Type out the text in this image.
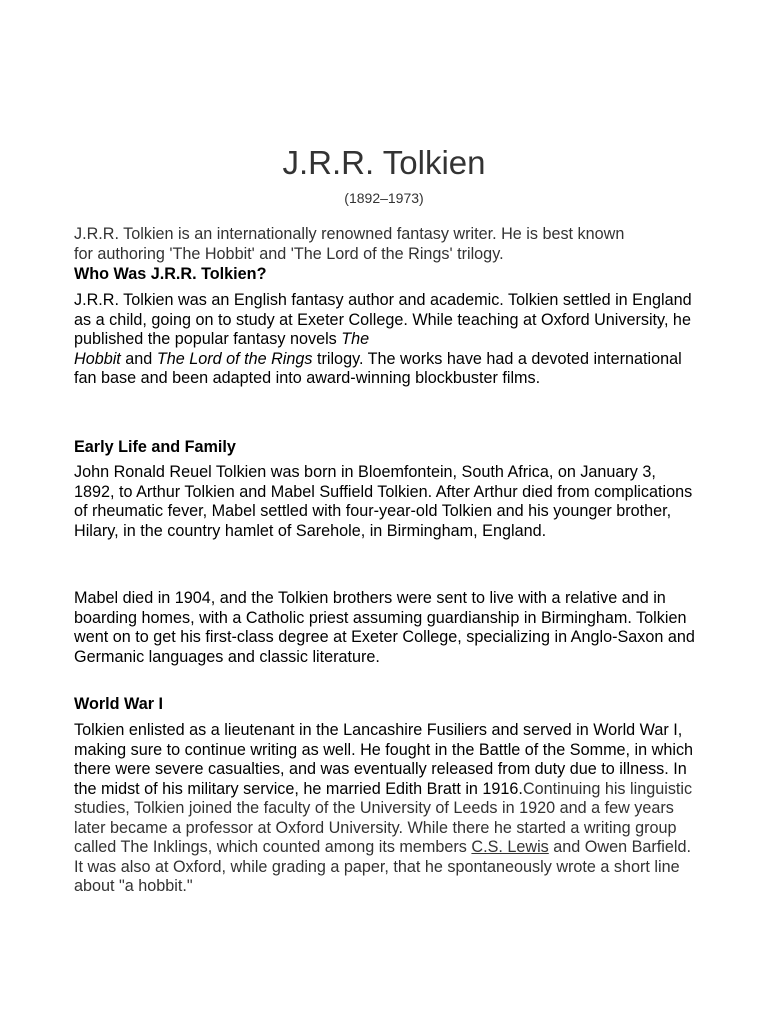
J.R.R. Tolkien
(1892–1973)

J.R.R. Tolkien is an internationally renowned fantasy writer. He is best known
for authoring 'The Hobbit' and 'The Lord of the Rings' trilogy.

Who Was J.R.R. Tolkien?

J.R.R. Tolkien was an English fantasy author and academic. Tolkien settled in England as a child, going on to study at Exeter College. While teaching at Oxford University, he published the popular fantasy novels The
Hobbit and The Lord of the Rings trilogy. The works have had a devoted international fan base and been adapted into award-winning blockbuster films.

Early Life and Family

John Ronald Reuel Tolkien was born in Bloemfontein, South Africa, on January 3, 1892, to Arthur Tolkien and Mabel Suffield Tolkien. After Arthur died from complications of rheumatic fever, Mabel settled with four-year-old Tolkien and his younger brother, Hilary, in the country hamlet of Sarehole, in Birmingham, England.

Mabel died in 1904, and the Tolkien brothers were sent to live with a relative and in boarding homes, with a Catholic priest assuming guardianship in Birmingham. Tolkien went on to get his first-class degree at Exeter College, specializing in Anglo-Saxon and Germanic languages and classic literature.

World War I

Tolkien enlisted as a lieutenant in the Lancashire Fusiliers and served in World War I, making sure to continue writing as well. He fought in the Battle of the Somme, in which there were severe casualties, and was eventually released from duty due to illness. In the midst of his military service, he married Edith Bratt in 1916.Continuing his linguistic studies, Tolkien joined the faculty of the University of Leeds in 1920 and a few years later became a professor at Oxford University. While there he started a writing group called The Inklings, which counted among its members C.S. Lewis and Owen Barfield. It was also at Oxford, while grading a paper, that he spontaneously wrote a short line about "a hobbit."
